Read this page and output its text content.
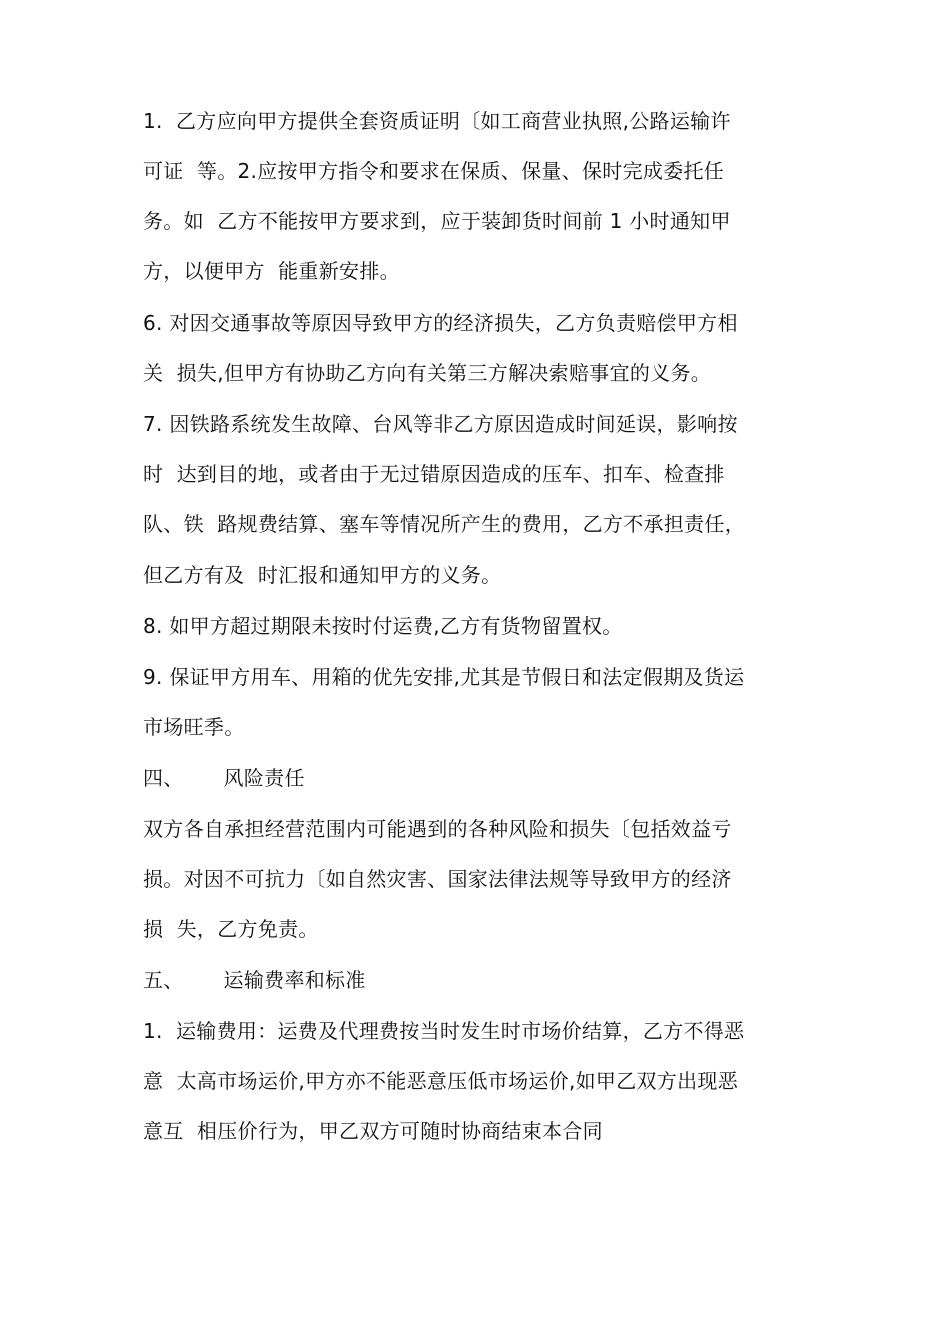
1.  乙方应向甲方提供全套资质证明〔如工商营业执照,公路运输许
可证  等。2.应按甲方指令和要求在保质、保量、保时完成委托任
务。如  乙方不能按甲方要求到，应于装卸货时间前 1 小时通知甲
方，以便甲方  能重新安排。
6. 对因交通事故等原因导致甲方的经济损失，乙方负责赔偿甲方相
关  损失,但甲方有协助乙方向有关第三方解决索赔事宜的义务。
7. 因铁路系统发生故障、台风等非乙方原因造成时间延误，影响按
时  达到目的地，或者由于无过错原因造成的压车、扣车、检查排
队、铁  路规费结算、塞车等情况所产生的费用，乙方不承担责任，
但乙方有及  时汇报和通知甲方的义务。
8. 如甲方超过期限未按时付运费,乙方有货物留置权。
9. 保证甲方用车、用箱的优先安排,尤其是节假日和法定假期及货运
市场旺季。
四、      风险责任
双方各自承担经营范围内可能遇到的各种风险和损失〔包括效益亏
损。对因不可抗力〔如自然灾害、国家法律法规等导致甲方的经济
损  失，乙方免责。
五、      运输费率和标准
1.  运输费用：运费及代理费按当时发生时市场价结算，乙方不得恶
意  太高市场运价,甲方亦不能恶意压低市场运价,如甲乙双方出现恶
意互  相压价行为，甲乙双方可随时协商结束本合同
